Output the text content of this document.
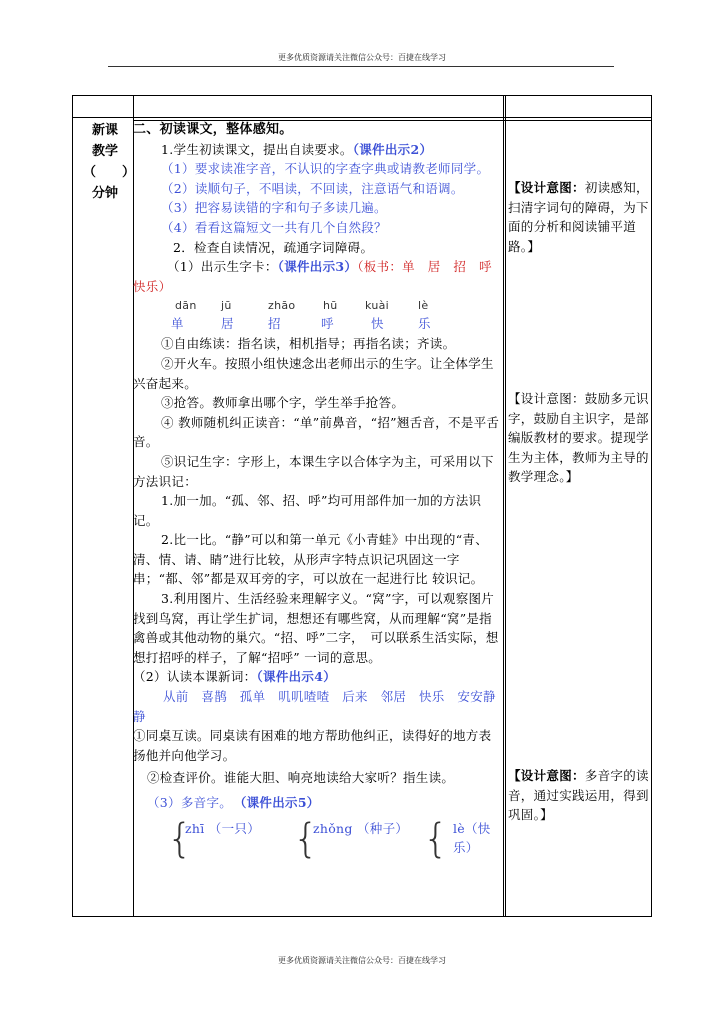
更多优质资源请关注微信公众号：百捷在线学习
新课
教学
（　　）
分钟

二、初读课文，整体感知。

1.学生初读课文，提出自读要求。（课件出示2）

（1）要求读准字音，不认识的字查字典或请教老师同学。

（2）读顺句子，不唱读，不回读，注意语气和语调。

（3）把容易读错的字和句子多读几遍。

（4）看看这篇短文一共有几个自然段？

2．检查自读情况，疏通字词障碍。

（1）出示生字卡：（课件出示3）（板书：单　居　招　呼　快乐）

dān jū	zhāo	hū kuài	lè
单	居	招	呼	快	乐

①自由练读：指名读，相机指导；再指名读；齐读。

②开火车。按照小组快速念出老师出示的生字。让全体学生兴奋起来。

③抢答。教师拿出哪个字，学生举手抢答。

④ 教师随机纠正读音：“单”前鼻音，“招”翘舌音，不是平舌音。

⑤识记生字：字形上，本课生字以合体字为主，可采用以下方法识记：

1.加一加。“孤、邻、招、呼”均可用部件加一加的方法识记。

2.比一比。“静”可以和第一单元《小青蛙》中出现的“青、清、情、请、睛”进行比较，从形声字特点识记巩固这一字串；“都、邻”都是双耳旁的字，可以放在一起进行比 较识记。

3.利用图片、生活经验来理解字义。“窝”字，可以观察图片找到鸟窝，再让学生扩词，想想还有哪些窝，从而理解“窝”是指禽兽或其他动物的巢穴。“招、呼”二字，　可以联系生活实际，想想打招呼的样子，了解“招呼” 一词的意思。

（2）认读本课新词：（课件出示4）

从前　喜鹊　孤单　叽叽喳喳　后来　邻居　快乐　安安静静

①同桌互读。同桌读有困难的地方帮助他纠正，读得好的地方表扬他并向他学习。

②检查评价。谁能大胆、响亮地读给大家听？指生读。

（3）多音字。 （课件出示5）

{
zhī （一只） {
zhǒng （种子） { lè（快乐）
【设计意图：初读感知，扫清字词句的障碍，为下面的分析和阅读铺平道路。】
【设计意图：鼓励多元识字，鼓励自主识字，是部编版教材的要求。提现学生为主体，教师为主导的教学理念。】
【设计意图：多音字的读音，通过实践运用，得到巩固。】
更多优质资源请关注微信公众号：百捷在线学习
